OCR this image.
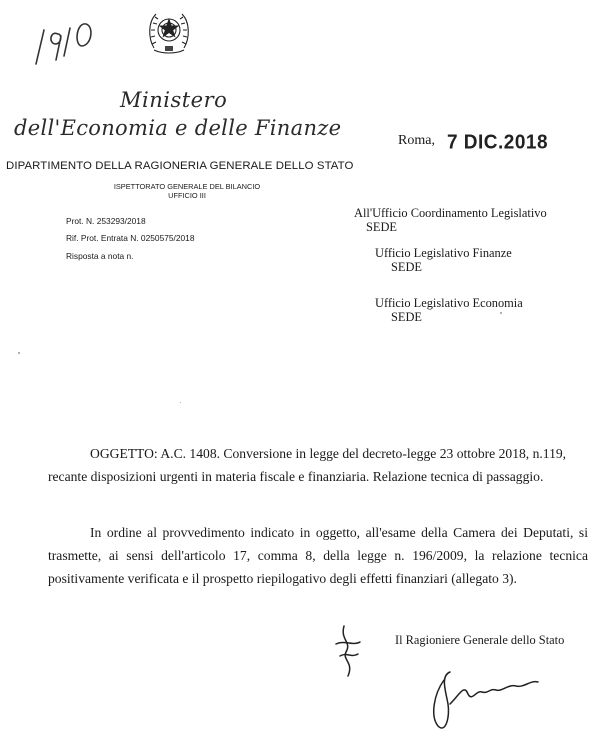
Ministero
dell'Economia e delle Finanze
Roma, 7 DIC.2018
DIPARTIMENTO DELLA RAGIONERIA GENERALE DELLO STATO
ISPETTORATO GENERALE DEL BILANCIO
UFFICIO III
Prot. N. 253293/2018
Rif. Prot. Entrata N. 0250575/2018
Risposta a nota n.
All'Ufficio Coordinamento Legislativo
SEDE
Ufficio Legislativo Finanze
SEDE
Ufficio Legislativo Economia
SEDE
OGGETTO: A.C. 1408. Conversione in legge del decreto-legge 23 ottobre 2018, n.119,
recante disposizioni urgenti in materia fiscale e finanziaria. Relazione tecnica di passaggio.
In ordine al provvedimento indicato in oggetto, all'esame della Camera dei Deputati, si
trasmette, ai sensi dell'articolo 17, comma 8, della legge n. 196/2009, la relazione tecnica
positivamente verificata e il prospetto riepilogativo degli effetti finanziari (allegato 3).
Il Ragioniere Generale dello Stato
